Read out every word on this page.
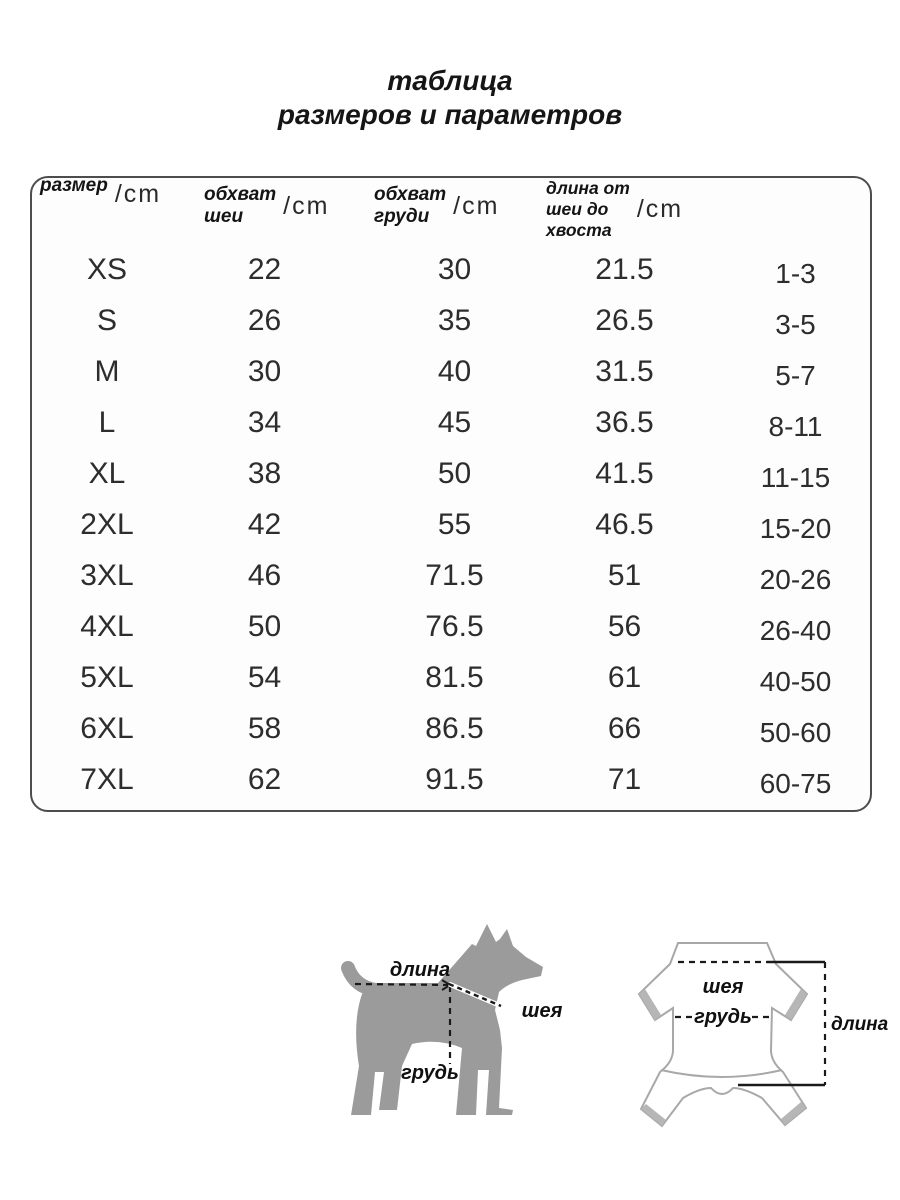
таблица
размеров и параметров
размер /cm обхват
шеи	/cm обхват
груди /cm
длина от
шеи до
хвоста
/cm
XS	22	30	21.5	1-3
S	26	35	26.5	3-5
M	30	40	31.5	5-7
L	34	45	36.5	8-11
XL	38	50	41.5	11-15
2XL	42	55	46.5	15-20
3XL	46	71.5	51	20-26
4XL	50	76.5	56	26-40
5XL	54	81.5	61	40-50
6XL	58	86.5	66	50-60
7XL	62	91.5	71	60-75
длина
шея
грудь
шея
грудь	длина
